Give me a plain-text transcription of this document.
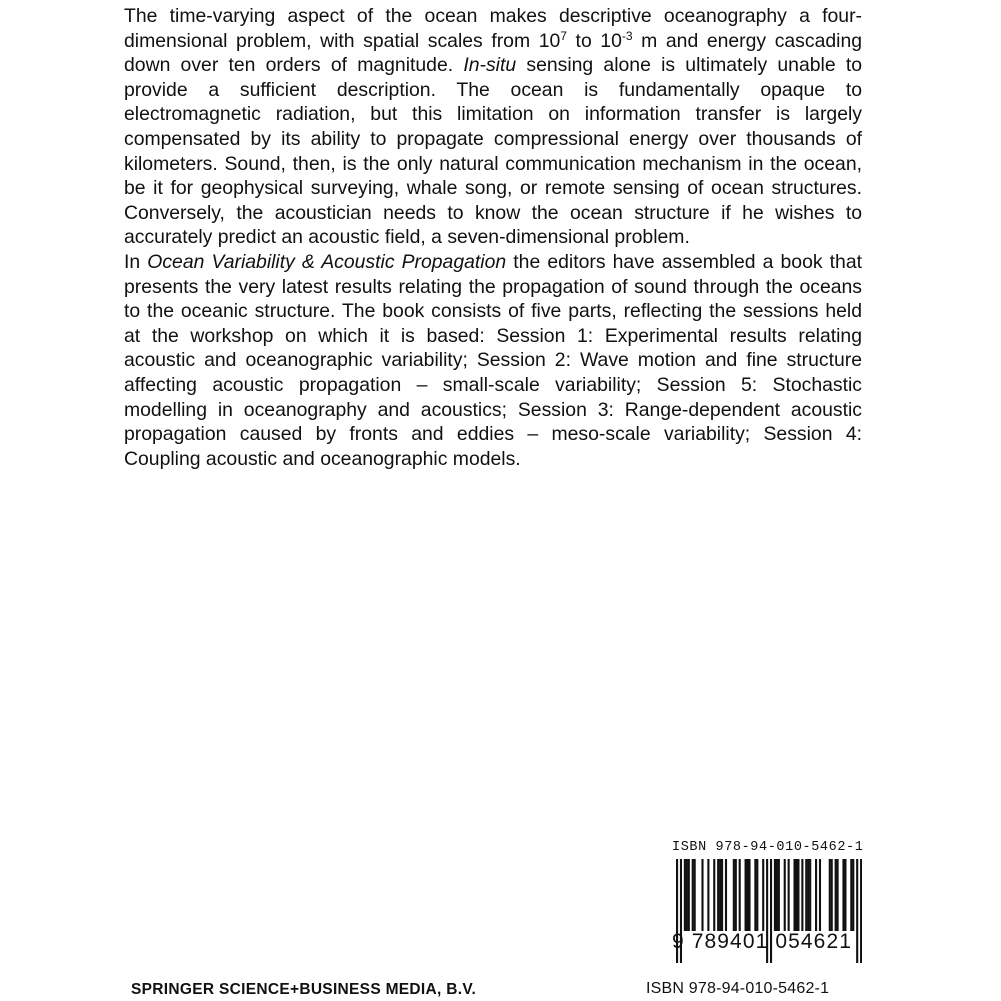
The time-varying aspect of the ocean makes descriptive oceanography a four-dimensional problem, with spatial scales from $10^7$ to $10^{-3}$ m and energy cascading down over ten orders of magnitude. In-situ sensing alone is ultimately unable to provide a sufficient description. The ocean is fundamentally opaque to electromagnetic radiation, but this limitation on information transfer is largely compensated by its ability to propagate compressional energy over thousands of kilometers. Sound, then, is the only natural communication mechanism in the ocean, be it for geophysical surveying, whale song, or remote sensing of ocean structures. Conversely, the acoustician needs to know the ocean structure if he wishes to accurately predict an acoustic field, a seven-dimensional problem.

In Ocean Variability & Acoustic Propagation the editors have assembled a book that presents the very latest results relating the propagation of sound through the oceans to the oceanic structure. The book consists of five parts, reflecting the sessions held at the workshop on which it is based: Session 1: Experimental results relating acoustic and oceanographic variability; Session 2: Wave motion and fine structure affecting acoustic propagation – small-scale variability; Session 5: Stochastic modelling in oceanography and acoustics; Session 3: Range-dependent acoustic propagation caused by fronts and eddies – meso-scale variability; Session 4: Coupling acoustic and oceanographic models.

ISBN 978-94-010-5462-1
9 789401 054621
SPRINGER SCIENCE+BUSINESS MEDIA, B.V.	ISBN 978-94-010-5462-1
